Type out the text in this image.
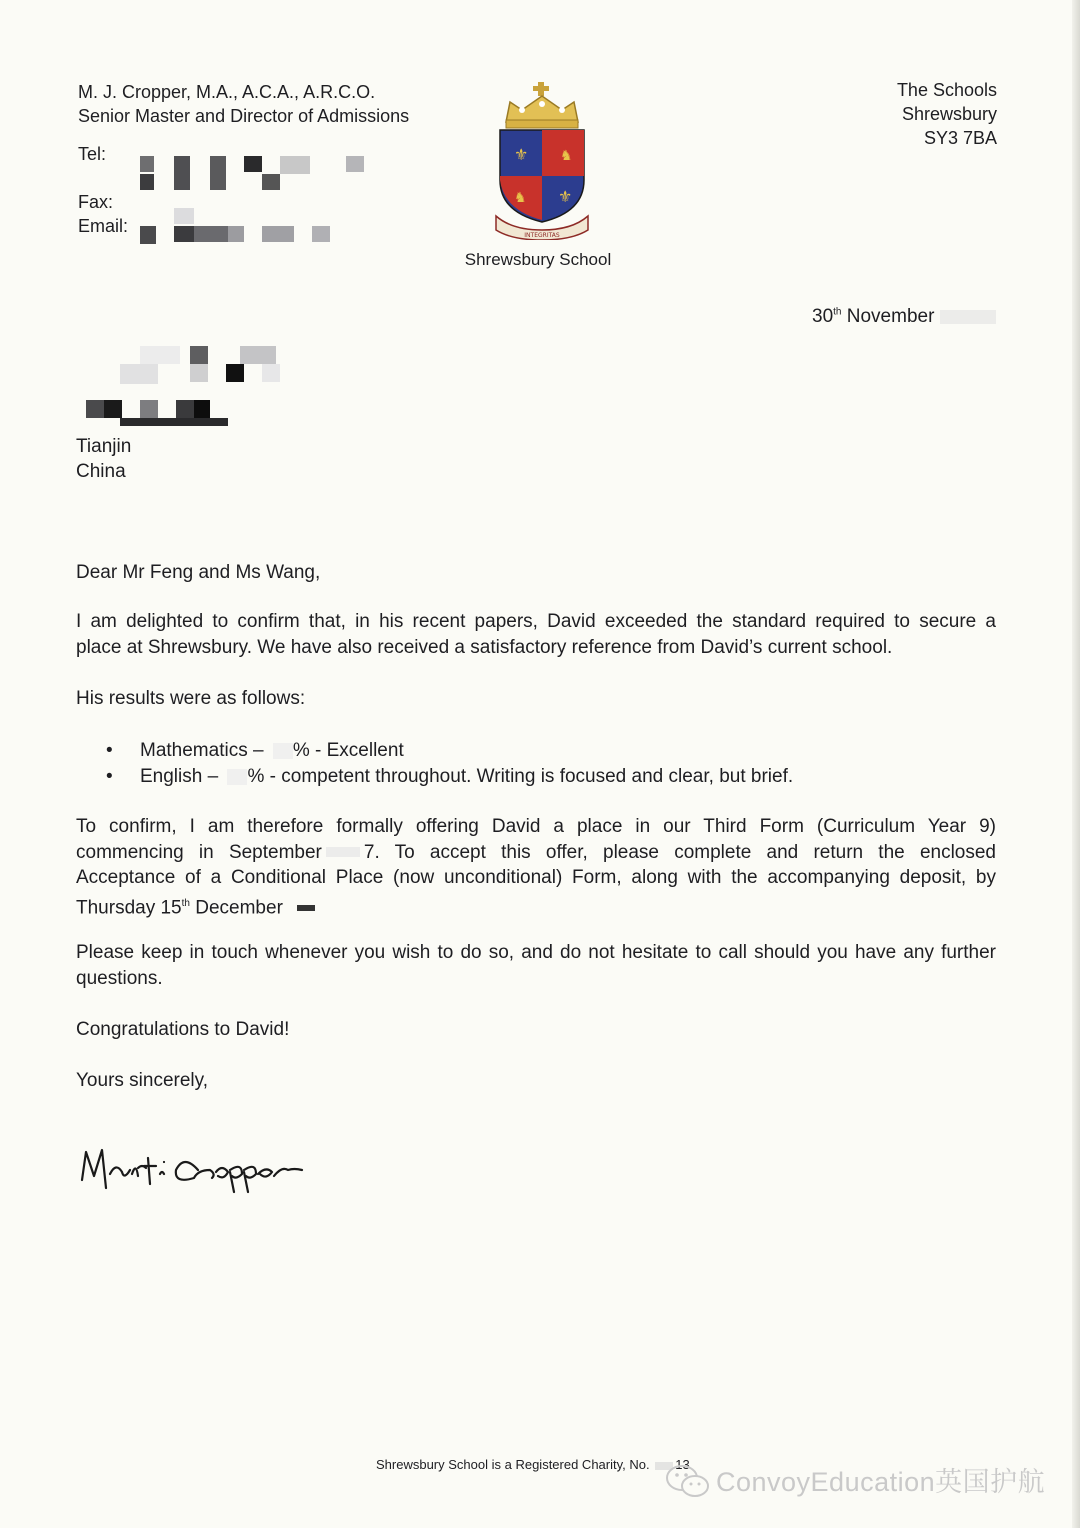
M. J. Cropper, M.A., A.C.A., A.R.C.O.
Senior Master and Director of Admissions
Tel:
Fax:
Email:
⚜ ♞
♞ ⚜
INTEGRITAS
Shrewsbury School
The Schools
Shrewsbury
SY3 7BA
30th November
Tianjin
China
Dear Mr Feng and Ms Wang,

I am delighted to confirm that, in his recent papers, David exceeded the standard required to secure a

place at Shrewsbury. We have also received a satisfactory reference from David’s current school.

His results were as follows:
• Mathematics – % - Excellent
• English – % - competent throughout. Writing is focused and clear, but brief.

To confirm, I am therefore formally offering David a place in our Third Form (Curriculum Year 9)

commencing in September 7. To accept this offer, please complete and return the enclosed

Acceptance of a Conditional Place (now unconditional) Form, along with the accompanying deposit, by

Thursday 15th December

Please keep in touch whenever you wish to do so, and do not hesitate to call should you have any further

questions.

Congratulations to David!
Yours sincerely,
Shrewsbury School is a Registered Charity, No. 13
ConvoyEducation英国护航
